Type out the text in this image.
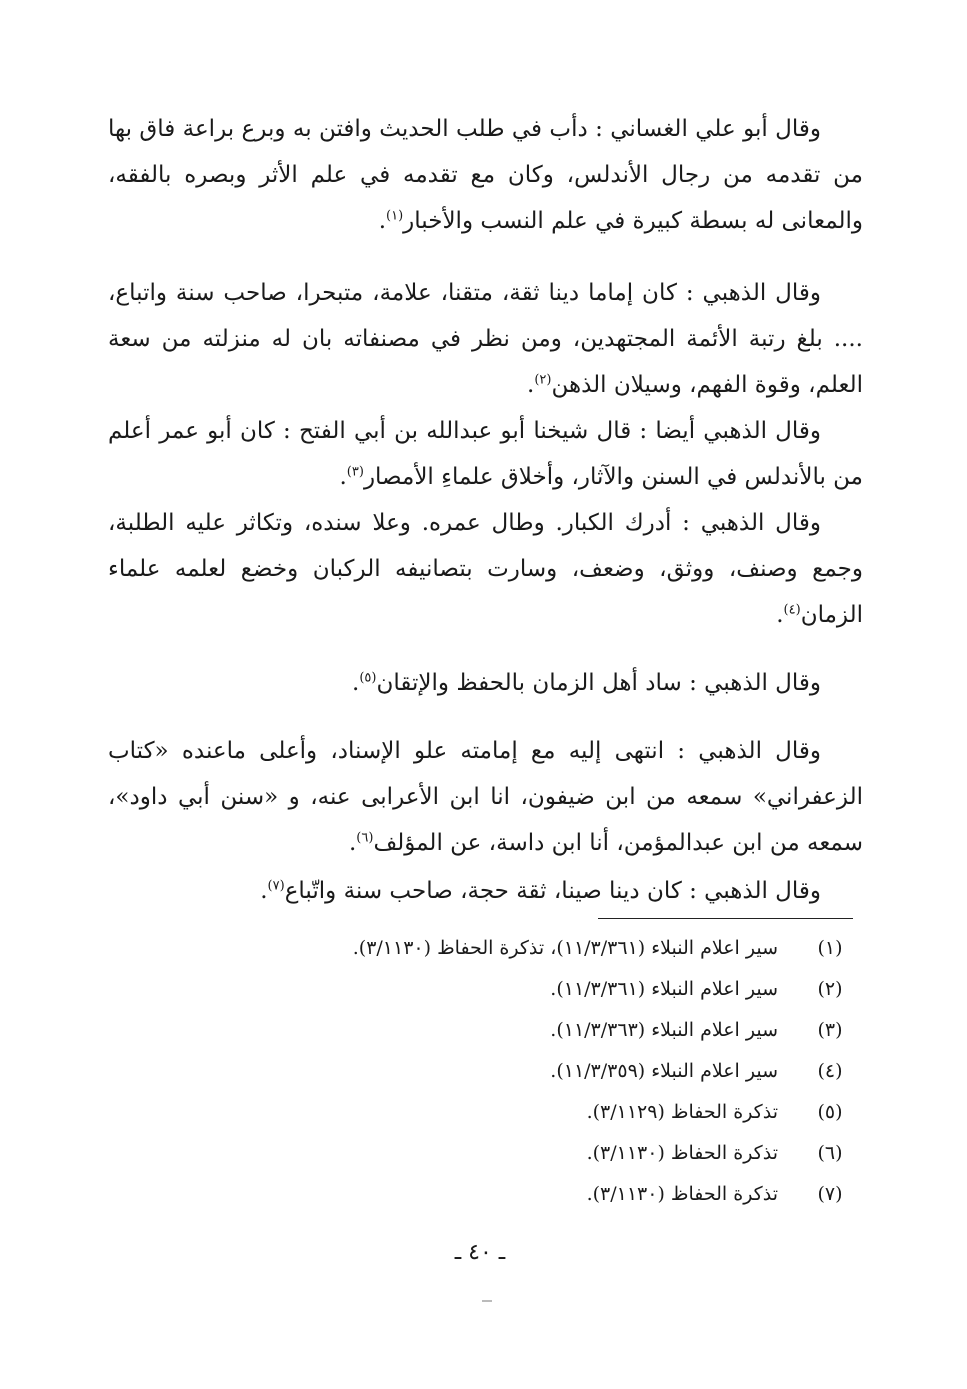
وقال أبو علي الغساني : دأب في طلب الحديث وافتن به وبرع براعة فاق بها من تقدمه من رجال الأندلس، وكان مع تقدمه في علم الأثر وبصره بالفقه، والمعانى له بسطة كبيرة في علم النسب والأخبار$^{(١)}$.

وقال الذهبي : كان إماما دينا ثقة، متقنا، علامة، متبحرا، صاحب سنة واتباع، .... بلغ رتبة الأئمة المجتهدين، ومن نظر في مصنفاته بان له منزلته من سعة العلم، وقوة الفهم، وسيلان الذهن$^{(٢)}$.

وقال الذهبي أيضا : قال شيخنا أبو عبدالله بن أبي الفتح : كان أبو عمر أعلم من بالأندلس في السنن والآثار، وأخلاق علماءِ الأمصار$^{(٣)}$.

وقال الذهبي : أدرك الكبار. وطال عمره. وعلا سنده، وتكاثر عليه الطلبة، وجمع وصنف، ووثق، وضعف، وسارت بتصانيفه الركبان وخضع لعلمه علماء الزمان$^{(٤)}$.

وقال الذهبي : ساد أهل الزمان بالحفظ والإتقان$^{(٥)}$.

وقال الذهبي : انتهى إليه مع إمامته علو الإسناد، وأعلى ماعنده «كتاب الزعفراني» سمعه من ابن ضيفون، انا ابن الأعرابى عنه، و «سنن أبي داود»، سمعه من ابن عبدالمؤمن، أنا ابن داسة، عن المؤلف$^{(٦)}$.

وقال الذهبي : كان دينا صينا، ثقة حجة، صاحب سنة واتّباع$^{(٧)}$.

(١)
سير اعلام النبلاء (١١/٣/٣٦١)، تذكرة الحفاظ (٣/١١٣٠).
(٢)
سير اعلام النبلاء (١١/٣/٣٦١).
(٣)
سير اعلام النبلاء (١١/٣/٣٦٣).
(٤)
سير اعلام النبلاء (١١/٣/٣٥٩).
(٥)
تذكرة الحفاظ (٣/١١٢٩).
(٦)
تذكرة الحفاظ (٣/١١٣٠).
(٧)
تذكرة الحفاظ (٣/١١٣٠).
ـ ٤٠ ـ
